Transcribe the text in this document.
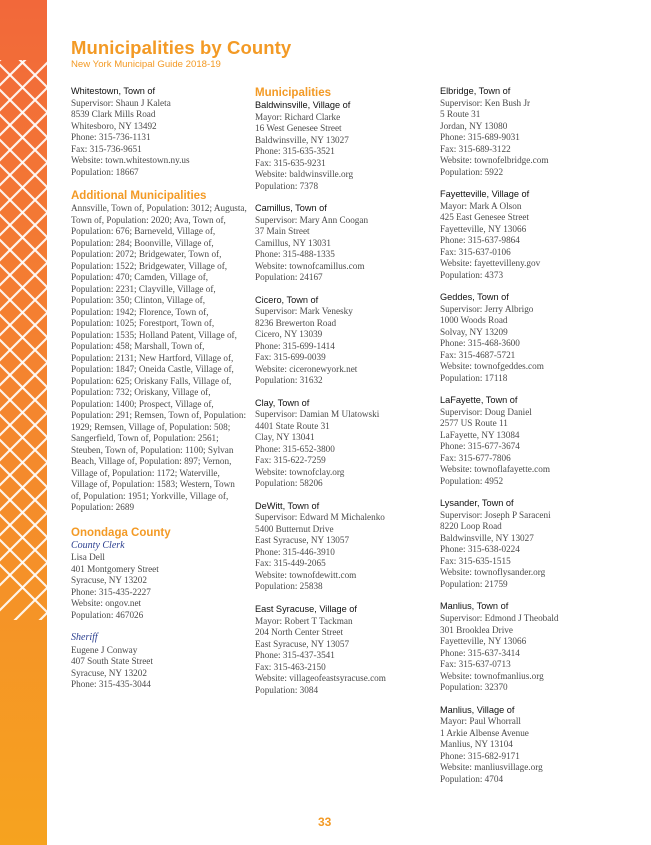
Municipalities by County
New York Municipal Guide 2018-19
Whitestown, Town of
Supervisor: Shaun J Kaleta
8539 Clark Mills Road
Whitesboro, NY 13492
Phone: 315-736-1131
Fax: 315-736-9651
Website: town.whitestown.ny.us
Population: 18667
Additional Municipalities
Annsville, Town of, Population: 3012; Augusta, Town of, Population: 2020; Ava, Town of, Population: 676; Barneveld, Village of, Population: 284; Boonville, Village of, Population: 2072; Bridgewater, Town of, Population: 1522; Bridgewater, Village of, Population: 470; Camden, Village of, Population: 2231; Clayville, Village of, Population: 350; Clinton, Village of, Population: 1942; Florence, Town of, Population: 1025; Forestport, Town of, Population: 1535; Holland Patent, Village of, Population: 458; Marshall, Town of, Population: 2131; New Hartford, Village of, Population: 1847; Oneida Castle, Village of, Population: 625; Oriskany Falls, Village of, Population: 732; Oriskany, Village of, Population: 1400; Prospect, Village of, Population: 291; Remsen, Town of, Population: 1929; Remsen, Village of, Population: 508; Sangerfield, Town of, Population: 2561; Steuben, Town of, Population: 1100; Sylvan Beach, Village of, Population: 897; Vernon, Village of, Population: 1172; Waterville, Village of, Population: 1583; Western, Town of, Population: 1951; Yorkville, Village of, Population: 2689
Onondaga County
County Clerk
Lisa Dell
401 Montgomery Street
Syracuse, NY 13202
Phone: 315-435-2227
Website: ongov.net
Population: 467026
Sheriff
Eugene J Conway
407 South State Street
Syracuse, NY 13202
Phone: 315-435-3044
Municipalities
Baldwinsville, Village of
Mayor: Richard Clarke
16 West Genesee Street
Baldwinsville, NY 13027
Phone: 315-635-3521
Fax: 315-635-9231
Website: baldwinsville.org
Population: 7378
Camillus, Town of
Supervisor: Mary Ann Coogan
37 Main Street
Camillus, NY 13031
Phone: 315-488-1335
Website: townofcamillus.com
Population: 24167
Cicero, Town of
Supervisor: Mark Venesky
8236 Brewerton Road
Cicero, NY 13039
Phone: 315-699-1414
Fax: 315-699-0039
Website: ciceronewyork.net
Population: 31632
Clay, Town of
Supervisor: Damian M Ulatowski
4401 State Route 31
Clay, NY 13041
Phone: 315-652-3800
Fax: 315-622-7259
Website: townofclay.org
Population: 58206
DeWitt, Town of
Supervisor: Edward M Michalenko
5400 Butternut Drive
East Syracuse, NY 13057
Phone: 315-446-3910
Fax: 315-449-2065
Website: townofdewitt.com
Population: 25838
East Syracuse, Village of
Mayor: Robert T Tackman
204 North Center Street
East Syracuse, NY 13057
Phone: 315-437-3541
Fax: 315-463-2150
Website: villageofeastsyracuse.com
Population: 3084
Elbridge, Town of
Supervisor: Ken Bush Jr
5 Route 31
Jordan, NY 13080
Phone: 315-689-9031
Fax: 315-689-3122
Website: townofelbridge.com
Population: 5922
Fayetteville, Village of
Mayor: Mark A Olson
425 East Genesee Street
Fayetteville, NY 13066
Phone: 315-637-9864
Fax: 315-637-0106
Website: fayettevilleny.gov
Population: 4373
Geddes, Town of
Supervisor: Jerry Albrigo
1000 Woods Road
Solvay, NY 13209
Phone: 315-468-3600
Fax: 315-4687-5721
Website: townofgeddes.com
Population: 17118
LaFayette, Town of
Supervisor: Doug Daniel
2577 US Route 11
LaFayette, NY 13084
Phone: 315-677-3674
Fax: 315-677-7806
Website: townoflafayette.com
Population: 4952
Lysander, Town of
Supervisor: Joseph P Saraceni
8220 Loop Road
Baldwinsville, NY 13027
Phone: 315-638-0224
Fax: 315-635-1515
Website: townoflysander.org
Population: 21759
Manlius, Town of
Supervisor: Edmond J Theobald
301 Brooklea Drive
Fayetteville, NY 13066
Phone: 315-637-3414
Fax: 315-637-0713
Website: townofmanlius.org
Population: 32370
Manlius, Village of
Mayor: Paul Whorrall
1 Arkie Albense Avenue
Manlius, NY 13104
Phone: 315-682-9171
Website: manliusvillage.org
Population: 4704
33
